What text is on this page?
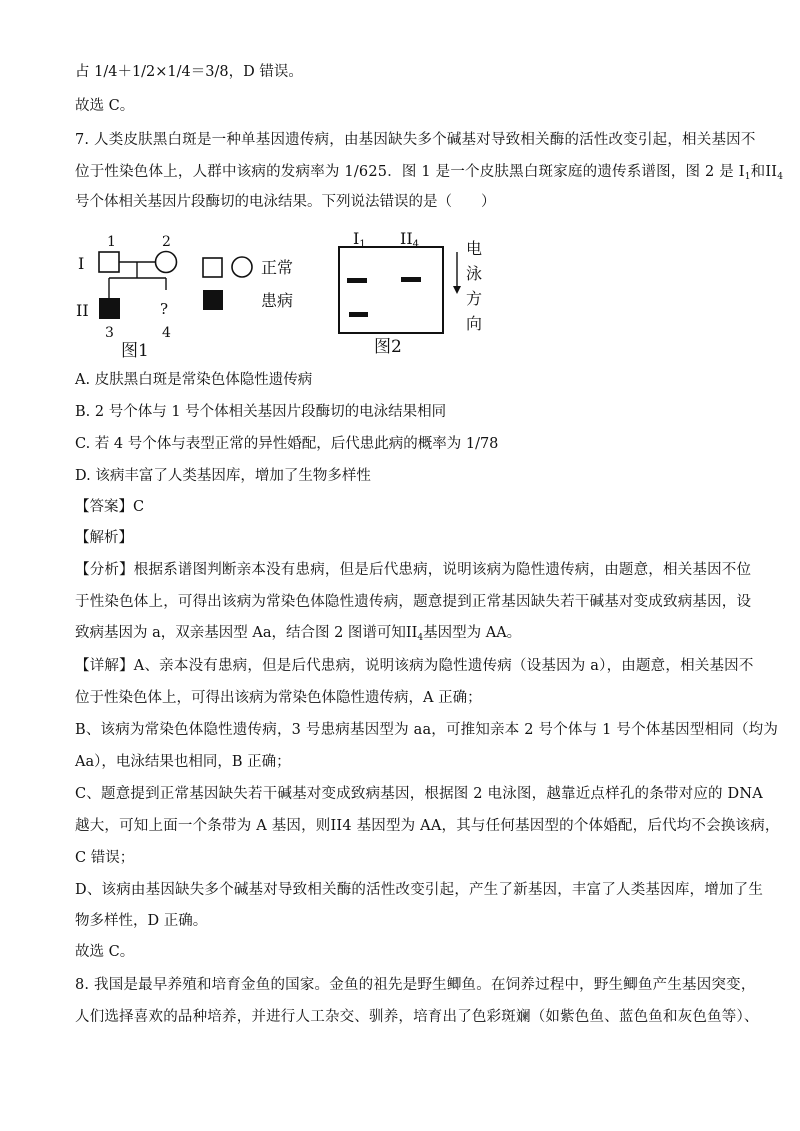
占 1/4＋1/2×1/4＝3/8，D 错误。
故选 C。
7. 人类皮肤黑白斑是一种单基因遗传病，由基因缺失多个碱基对导致相关酶的活性改变引起，相关基因不
位于性染色体上，人群中该病的发病率为 1/625．图 1 是一个皮肤黑白斑家庭的遗传系谱图，图 2 是 $I_1$和$II_4$
号个体相关基因片段酶切的电泳结果。下列说法错误的是（　　）
I
II
1	2
?
3	4
正常
患病
图1
I1 II4	电
泳
方
向
图2
A. 皮肤黑白斑是常染色体隐性遗传病
B. 2 号个体与 1 号个体相关基因片段酶切的电泳结果相同
C. 若 4 号个体与表型正常的异性婚配，后代患此病的概率为 1/78
D. 该病丰富了人类基因库，增加了生物多样性
【答案】C
【解析】
【分析】根据系谱图判断亲本没有患病，但是后代患病，说明该病为隐性遗传病，由题意，相关基因不位
于性染色体上，可得出该病为常染色体隐性遗传病，题意提到正常基因缺失若干碱基对变成致病基因，设
致病基因为 a，双亲基因型 Aa，结合图 2 图谱可知$II_4$基因型为 AA。
【详解】A、亲本没有患病，但是后代患病，说明该病为隐性遗传病（设基因为 a），由题意，相关基因不
位于性染色体上，可得出该病为常染色体隐性遗传病，A 正确；
B、该病为常染色体隐性遗传病，3 号患病基因型为 aa，可推知亲本 2 号个体与 1 号个体基因型相同（均为
Aa），电泳结果也相同，B 正确；
C、题意提到正常基因缺失若干碱基对变成致病基因，根据图 2 电泳图，越靠近点样孔的条带对应的 DNA
越大，可知上面一个条带为 A 基因，则II4 基因型为 AA，其与任何基因型的个体婚配，后代均不会换该病，
C 错误；
D、该病由基因缺失多个碱基对导致相关酶的活性改变引起，产生了新基因，丰富了人类基因库，增加了生
物多样性，D 正确。
故选 C。
8. 我国是最早养殖和培育金鱼的国家。金鱼的祖先是野生鲫鱼。在饲养过程中，野生鲫鱼产生基因突变，
人们选择喜欢的品种培养，并进行人工杂交、驯养，培育出了色彩斑斓（如紫色鱼、蓝色鱼和灰色鱼等）、
